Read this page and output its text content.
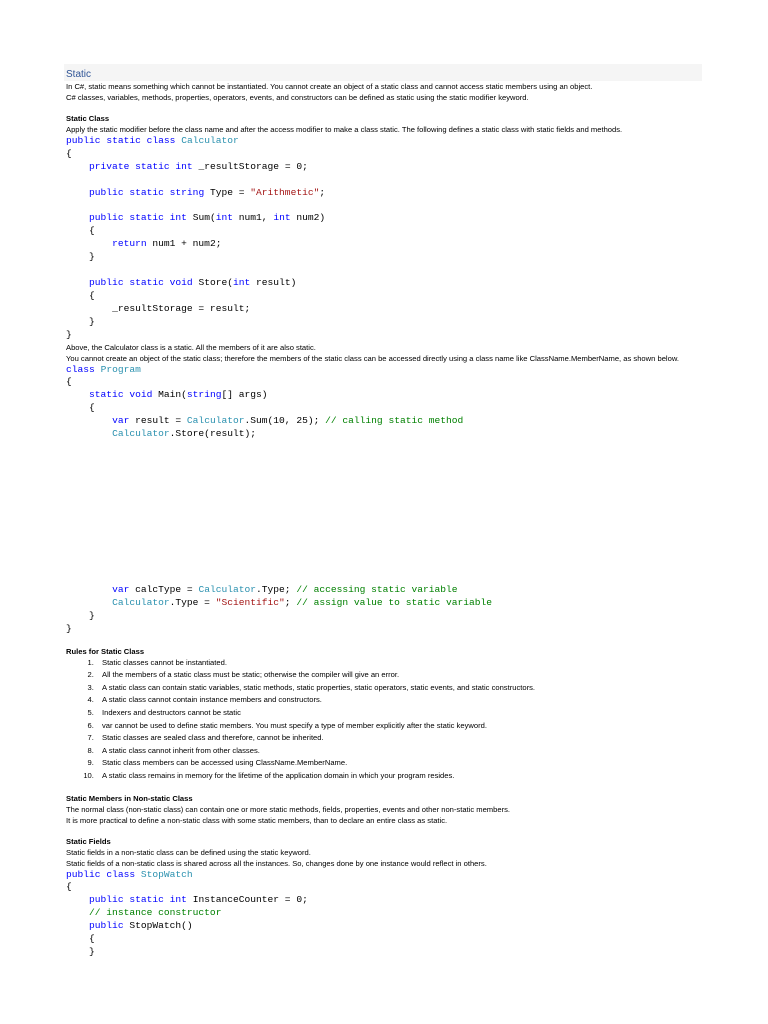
Static

In C#, static means something which cannot be instantiated. You cannot create an object of a static class and cannot access static members using an object.

C# classes, variables, methods, properties, operators, events, and constructors can be defined as static using the static modifier keyword.

Static Class

Apply the static modifier before the class name and after the access modifier to make a class static. The following defines a static class with static fields and methods.

public static class Calculator
{
private static int _resultStorage = 0;

public static string Type = "Arithmetic";

public static int Sum(int num1, int num2)
{
return num1 + num2;
}

public static void Store(int result)
{
_resultStorage = result;
}
}

Above, the Calculator class is a static. All the members of it are also static.

You cannot create an object of the static class; therefore the members of the static class can be accessed directly using a class name like ClassName.MemberName, as shown below.

class Program
{
static void Main(string[] args)
{
var result = Calculator.Sum(10, 25); // calling static method
Calculator.Store(result);

var calcType = Calculator.Type; // accessing static variable
Calculator.Type = "Scientific"; // assign value to static variable
}
}

Rules for Static Class

1. Static classes cannot be instantiated.
2. All the members of a static class must be static; otherwise the compiler will give an error.
3. A static class can contain static variables, static methods, static properties, static operators, static events, and static constructors.
4. A static class cannot contain instance members and constructors.
5. Indexers and destructors cannot be static
6. var cannot be used to define static members. You must specify a type of member explicitly after the static keyword.
7. Static classes are sealed class and therefore, cannot be inherited.
8. A static class cannot inherit from other classes.
9. Static class members can be accessed using ClassName.MemberName.
10. A static class remains in memory for the lifetime of the application domain in which your program resides.

Static Members in Non-static Class

The normal class (non-static class) can contain one or more static methods, fields, properties, events and other non-static members.

It is more practical to define a non-static class with some static members, than to declare an entire class as static.

Static Fields

Static fields in a non-static class can be defined using the static keyword.

Static fields of a non-static class is shared across all the instances. So, changes done by one instance would reflect in others.

public class StopWatch
{
public static int InstanceCounter = 0;
// instance constructor
public StopWatch()
{
}
